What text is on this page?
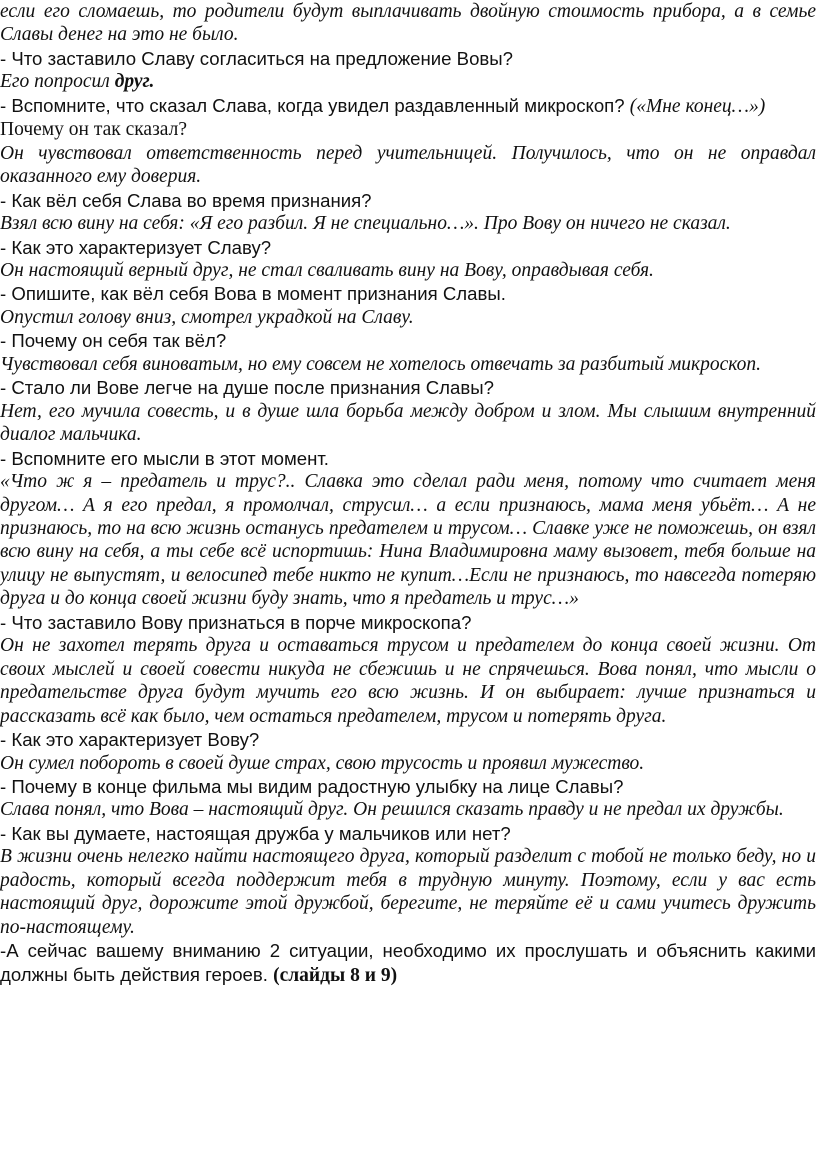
если его сломаешь, то родители будут выплачивать двойную стоимость прибора, а в семье Славы денег на это не было.

- Что заставило Славу согласиться на предложение Вовы?

Его попросил друг.

- Вспомните, что сказал Слава, когда увидел раздавленный микроскоп? («Мне конец…»)

Почему он так сказал?

Он чувствовал ответственность перед учительницей. Получилось, что он не оправдал оказанного ему доверия.

- Как вёл себя Слава во время признания?

Взял всю вину на себя: «Я его разбил. Я не специально…». Про Вову он ничего не сказал.

- Как это характеризует Славу?

Он настоящий верный друг, не стал сваливать вину на Вову, оправдывая себя.

- Опишите, как вёл себя Вова в момент признания Славы.

Опустил голову вниз, смотрел украдкой на Славу.

- Почему он себя так вёл?

Чувствовал себя виноватым, но ему совсем не хотелось отвечать за разбитый микроскоп.

- Стало ли Вове легче на душе после признания Славы?

Нет, его мучила совесть, и в душе шла борьба между добром и злом. Мы слышим внутренний диалог мальчика.

- Вспомните его мысли в этот момент.

«Что ж я – предатель и трус?.. Славка это сделал ради меня, потому что считает меня другом… А я его предал, я промолчал, струсил… а если признаюсь, мама меня убьёт… А не признаюсь, то на всю жизнь останусь предателем и трусом… Славке уже не поможешь, он взял всю вину на себя, а ты себе всё испортишь: Нина Владимировна маму вызовет, тебя больше на улицу не выпустят, и велосипед тебе никто не купит…Если не признаюсь, то навсегда потеряю друга и до конца своей жизни буду знать, что я предатель и трус…»

- Что заставило Вову признаться в порче микроскопа?

Он не захотел терять друга и оставаться трусом и предателем до конца своей жизни. От своих мыслей и своей совести никуда не сбежишь и не спрячешься. Вова понял, что мысли о предательстве друга будут мучить его всю жизнь. И он выбирает: лучше признаться и рассказать всё как было, чем остаться предателем, трусом и потерять друга.

- Как это характеризует Вову?

Он сумел побороть в своей душе страх, свою трусость и проявил мужество.

- Почему в конце фильма мы видим радостную улыбку на лице Славы?

Слава понял, что Вова – настоящий друг. Он решился сказать правду и не предал их дружбы.

- Как вы думаете, настоящая дружба у мальчиков или нет?

В жизни очень нелегко найти настоящего друга, который разделит с тобой не только беду, но и радость, который всегда поддержит тебя в трудную минуту. Поэтому, если у вас есть настоящий друг, дорожите этой дружбой, берегите, не теряйте её и сами учитесь дружить по-настоящему.

-А сейчас вашему вниманию 2 ситуации, необходимо их прослушать и объяснить какими должны быть действия героев. (слайды 8 и 9)
